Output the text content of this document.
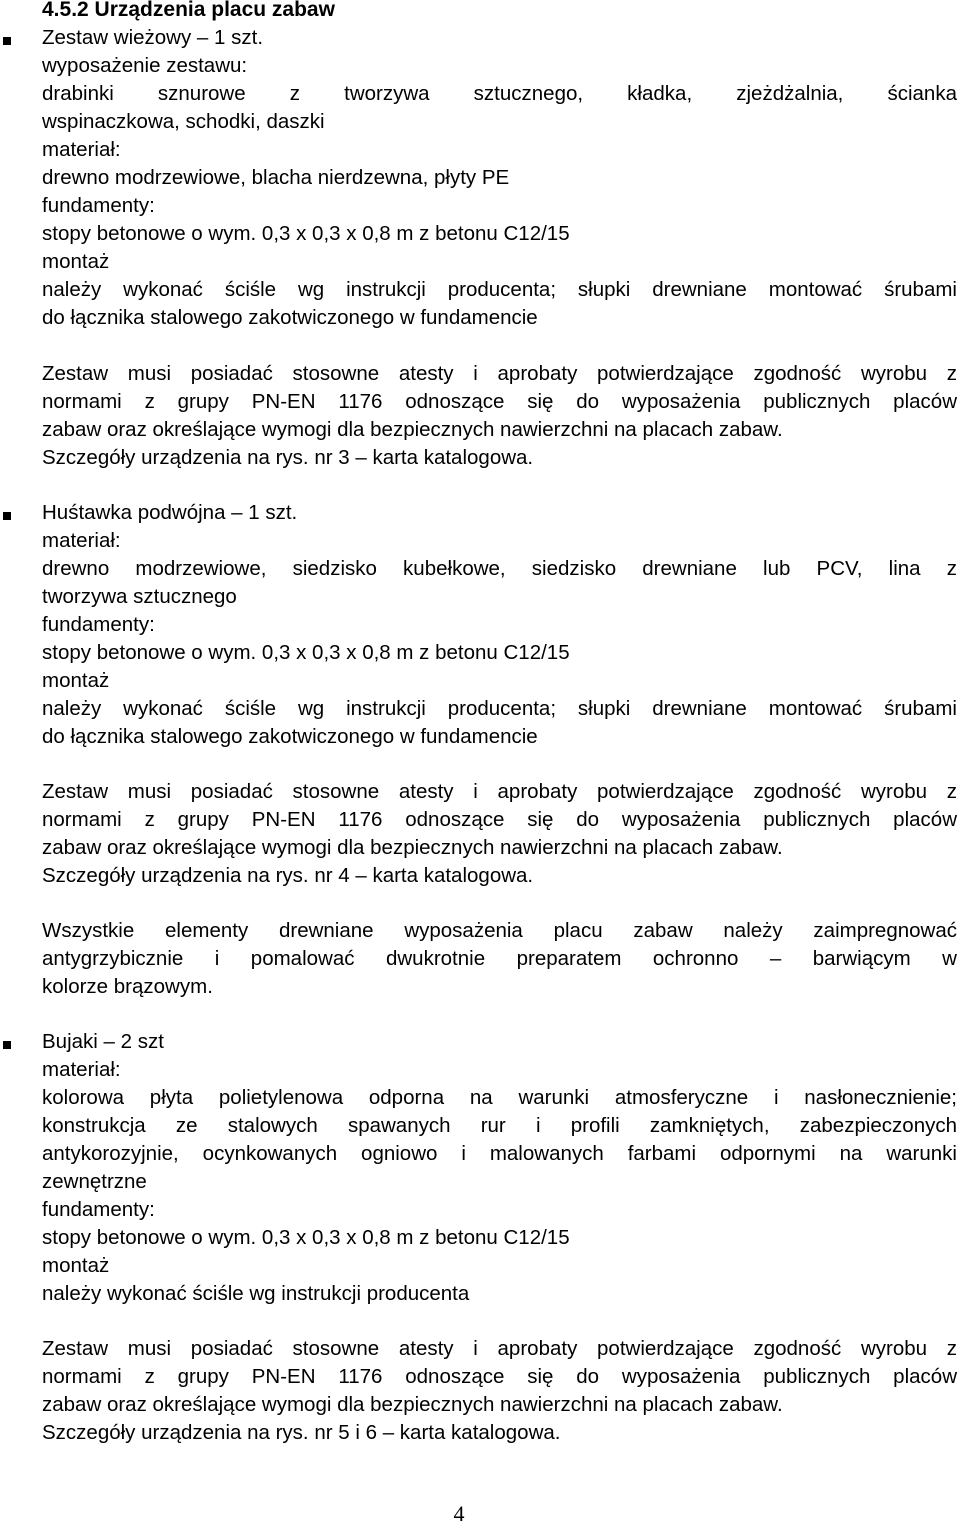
4.5.2 Urządzenia placu zabaw
Zestaw wieżowy – 1 szt.
wyposażenie zestawu:
drabinki sznurowe z tworzywa sztucznego, kładka, zjeżdżalnia, ścianka
wspinaczkowa, schodki, daszki
materiał:
drewno modrzewiowe, blacha nierdzewna, płyty PE
fundamenty:
stopy betonowe o wym. 0,3 x 0,3 x 0,8 m z betonu C12/15
montaż
należy wykonać ściśle wg instrukcji producenta; słupki drewniane montować śrubami
do łącznika stalowego zakotwiczonego w fundamencie
Zestaw musi posiadać stosowne atesty i aprobaty potwierdzające zgodność wyrobu z
normami z grupy PN-EN 1176 odnoszące się do wyposażenia publicznych placów
zabaw oraz określające wymogi dla bezpiecznych nawierzchni na placach zabaw.
Szczegóły urządzenia na rys. nr 3 – karta katalogowa.
Huśtawka podwójna – 1 szt.
materiał:
drewno modrzewiowe, siedzisko kubełkowe, siedzisko drewniane lub PCV, lina z
tworzywa sztucznego
fundamenty:
stopy betonowe o wym. 0,3 x 0,3 x 0,8 m z betonu C12/15
montaż
należy wykonać ściśle wg instrukcji producenta; słupki drewniane montować śrubami
do łącznika stalowego zakotwiczonego w fundamencie
Zestaw musi posiadać stosowne atesty i aprobaty potwierdzające zgodność wyrobu z
normami z grupy PN-EN 1176 odnoszące się do wyposażenia publicznych placów
zabaw oraz określające wymogi dla bezpiecznych nawierzchni na placach zabaw.
Szczegóły urządzenia na rys. nr 4 – karta katalogowa.
Wszystkie elementy drewniane wyposażenia placu zabaw należy zaimpregnować
antygrzybicznie i pomalować dwukrotnie preparatem ochronno – barwiącym w
kolorze brązowym.
Bujaki – 2 szt
materiał:
kolorowa płyta polietylenowa odporna na warunki atmosferyczne i nasłonecznienie;
konstrukcja ze stalowych spawanych rur i profili zamkniętych, zabezpieczonych
antykorozyjnie, ocynkowanych ogniowo i malowanych farbami odpornymi na warunki
zewnętrzne
fundamenty:
stopy betonowe o wym. 0,3 x 0,3 x 0,8 m z betonu C12/15
montaż
należy wykonać ściśle wg instrukcji producenta
Zestaw musi posiadać stosowne atesty i aprobaty potwierdzające zgodność wyrobu z
normami z grupy PN-EN 1176 odnoszące się do wyposażenia publicznych placów
zabaw oraz określające wymogi dla bezpiecznych nawierzchni na placach zabaw.
Szczegóły urządzenia na rys. nr 5 i 6 – karta katalogowa.
4
